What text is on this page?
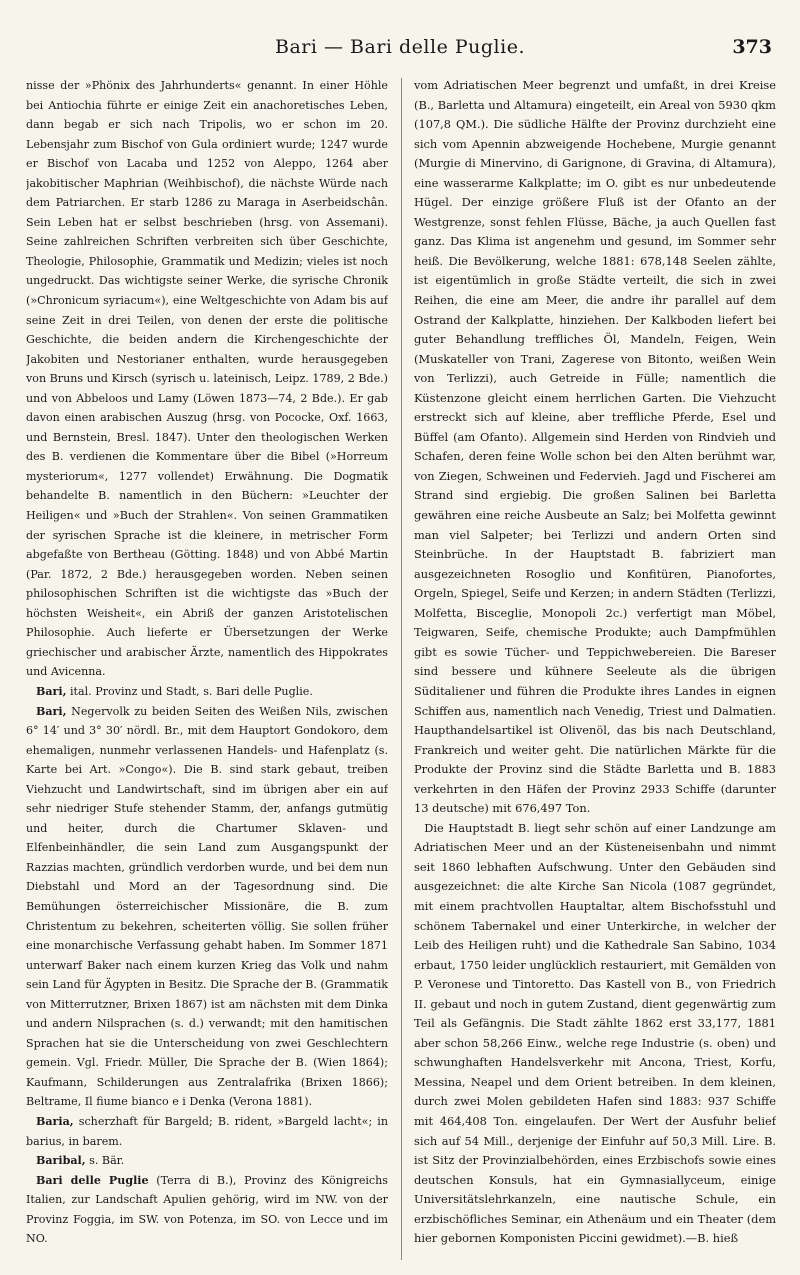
Bari — Bari delle Puglie.	373

nisse der »Phönix des Jahrhunderts« genannt. In einer Höhle bei Antiochia führte er einige Zeit ein anachoretisches Leben, dann begab er sich nach Tripolis, wo er schon im 20. Lebensjahr zum Bischof von Gula ordiniert wurde; 1247 wurde er Bischof von Lacaba und 1252 von Aleppo, 1264 aber jakobitischer Maphrian (Weihbischof), die nächste Würde nach dem Patriarchen. Er starb 1286 zu Maraga in Aserbeidschân. Sein Leben hat er selbst beschrieben (hrsg. von Assemani). Seine zahlreichen Schriften verbreiten sich über Geschichte, Theologie, Philosophie, Grammatik und Medizin; vieles ist noch ungedruckt. Das wichtigste seiner Werke, die syrische Chronik (»Chronicum syriacum«), eine Weltgeschichte von Adam bis auf seine Zeit in drei Teilen, von denen der erste die politische Geschichte, die beiden andern die Kirchengeschichte der Jakobiten und Nestorianer enthalten, wurde herausgegeben von Bruns und Kirsch (syrisch u. lateinisch, Leipz. 1789, 2 Bde.) und von Abbeloos und Lamy (Löwen 1873—74, 2 Bde.). Er gab davon einen arabischen Auszug (hrsg. von Pococke, Oxf. 1663, und Bernstein, Bresl. 1847). Unter den theologischen Werken des B. verdienen die Kommentare über die Bibel (»Horreum mysteriorum«, 1277 vollendet) Erwähnung. Die Dogmatik behandelte B. namentlich in den Büchern: »Leuchter der Heiligen« und »Buch der Strahlen«. Von seinen Grammatiken der syrischen Sprache ist die kleinere, in metrischer Form abgefaßte von Bertheau (Götting. 1848) und von Abbé Martin (Par. 1872, 2 Bde.) herausgegeben worden. Neben seinen philosophischen Schriften ist die wichtigste das »Buch der höchsten Weisheit«, ein Abriß der ganzen Aristotelischen Philosophie. Auch lieferte er Übersetzungen der Werke griechischer und arabischer Ärzte, namentlich des Hippokrates und Avicenna.

Bari, ital. Provinz und Stadt, s. Bari delle Puglie.

Bari, Negervolk zu beiden Seiten des Weißen Nils, zwischen 6° 14′ und 3° 30′ nördl. Br., mit dem Hauptort Gondokoro, dem ehemaligen, nunmehr verlassenen Handels- und Hafenplatz (s. Karte bei Art. »Congo«). Die B. sind stark gebaut, treiben Viehzucht und Landwirtschaft, sind im übrigen aber ein auf sehr niedriger Stufe stehender Stamm, der, anfangs gutmütig und heiter, durch die Chartumer Sklaven- und Elfenbeinhändler, die sein Land zum Ausgangspunkt der Razzias machten, gründlich verdorben wurde, und bei dem nun Diebstahl und Mord an der Tagesordnung sind. Die Bemühungen österreichischer Missionäre, die B. zum Christentum zu bekehren, scheiterten völlig. Sie sollen früher eine monarchische Verfassung gehabt haben. Im Sommer 1871 unterwarf Baker nach einem kurzen Krieg das Volk und nahm sein Land für Ägypten in Besitz. Die Sprache der B. (Grammatik von Mitterrutzner, Brixen 1867) ist am nächsten mit dem Dinka und andern Nilsprachen (s. d.) verwandt; mit den hamitischen Sprachen hat sie die Unterscheidung von zwei Geschlechtern gemein. Vgl. Friedr. Müller, Die Sprache der B. (Wien 1864); Kaufmann, Schilderungen aus Zentralafrika (Brixen 1866); Beltrame, Il fiume bianco e i Denka (Verona 1881).

Baria, scherzhaft für Bargeld; B. rident, »Bargeld lacht«; in barius, in barem.

Baribal, s. Bär.

Bari delle Puglie (Terra di B.), Provinz des Königreichs Italien, zur Landschaft Apulien gehörig, wird im NW. von der Provinz Foggia, im SW. von Potenza, im SO. von Lecce und im NO.

vom Adriatischen Meer begrenzt und umfaßt, in drei Kreise (B., Barletta und Altamura) eingeteilt, ein Areal von 5930 qkm (107,8 QM.). Die südliche Hälfte der Provinz durchzieht eine sich vom Apennin abzweigende Hochebene, Murgie genannt (Murgie di Minervino, di Garignone, di Gravina, di Altamura), eine wasserarme Kalkplatte; im O. gibt es nur unbedeutende Hügel. Der einzige größere Fluß ist der Ofanto an der Westgrenze, sonst fehlen Flüsse, Bäche, ja auch Quellen fast ganz. Das Klima ist angenehm und gesund, im Sommer sehr heiß. Die Bevölkerung, welche 1881: 678,148 Seelen zählte, ist eigentümlich in große Städte verteilt, die sich in zwei Reihen, die eine am Meer, die andre ihr parallel auf dem Ostrand der Kalkplatte, hinziehen. Der Kalkboden liefert bei guter Behandlung treffliches Öl, Mandeln, Feigen, Wein (Muskateller von Trani, Zagerese von Bitonto, weißen Wein von Terlizzi), auch Getreide in Fülle; namentlich die Küstenzone gleicht einem herrlichen Garten. Die Viehzucht erstreckt sich auf kleine, aber treffliche Pferde, Esel und Büffel (am Ofanto). Allgemein sind Herden von Rindvieh und Schafen, deren feine Wolle schon bei den Alten berühmt war, von Ziegen, Schweinen und Federvieh. Jagd und Fischerei am Strand sind ergiebig. Die großen Salinen bei Barletta gewähren eine reiche Ausbeute an Salz; bei Molfetta gewinnt man viel Salpeter; bei Terlizzi und andern Orten sind Steinbrüche. In der Hauptstadt B. fabriziert man ausgezeichneten Rosoglio und Konfitüren, Pianofortes, Orgeln, Spiegel, Seife und Kerzen; in andern Städten (Terlizzi, Molfetta, Bisceglie, Monopoli 2c.) verfertigt man Möbel, Teigwaren, Seife, chemische Produkte; auch Dampfmühlen gibt es sowie Tücher- und Teppichwebereien. Die Bareser sind bessere und kühnere Seeleute als die übrigen Süditaliener und führen die Produkte ihres Landes in eignen Schiffen aus, namentlich nach Venedig, Triest und Dalmatien. Haupthandelsartikel ist Olivenöl, das bis nach Deutschland, Frankreich und weiter geht. Die natürlichen Märkte für die Produkte der Provinz sind die Städte Barletta und B. 1883 verkehrten in den Häfen der Provinz 2933 Schiffe (darunter 13 deutsche) mit 676,497 Ton.

Die Hauptstadt B. liegt sehr schön auf einer Landzunge am Adriatischen Meer und an der Küsteneisenbahn und nimmt seit 1860 lebhaften Aufschwung. Unter den Gebäuden sind ausgezeichnet: die alte Kirche San Nicola (1087 gegründet, mit einem prachtvollen Hauptaltar, altem Bischofsstuhl und schönem Tabernakel und einer Unterkirche, in welcher der Leib des Heiligen ruht) und die Kathedrale San Sabino, 1034 erbaut, 1750 leider unglücklich restauriert, mit Gemälden von P. Veronese und Tintoretto. Das Kastell von B., von Friedrich II. gebaut und noch in gutem Zustand, dient gegenwärtig zum Teil als Gefängnis. Die Stadt zählte 1862 erst 33,177, 1881 aber schon 58,266 Einw., welche rege Industrie (s. oben) und schwunghaften Handelsverkehr mit Ancona, Triest, Korfu, Messina, Neapel und dem Orient betreiben. In dem kleinen, durch zwei Molen gebildeten Hafen sind 1883: 937 Schiffe mit 464,408 Ton. eingelaufen. Der Wert der Ausfuhr belief sich auf 54 Mill., derjenige der Einfuhr auf 50,3 Mill. Lire. B. ist Sitz der Provinzialbehörden, eines Erzbischofs sowie eines deutschen Konsuls, hat ein Gymnasiallyceum, einige Universitätslehrkanzeln, eine nautische Schule, ein erzbischöfliches Seminar, ein Athenäum und ein Theater (dem hier gebornen Komponisten Piccini gewidmet).—B. hieß
